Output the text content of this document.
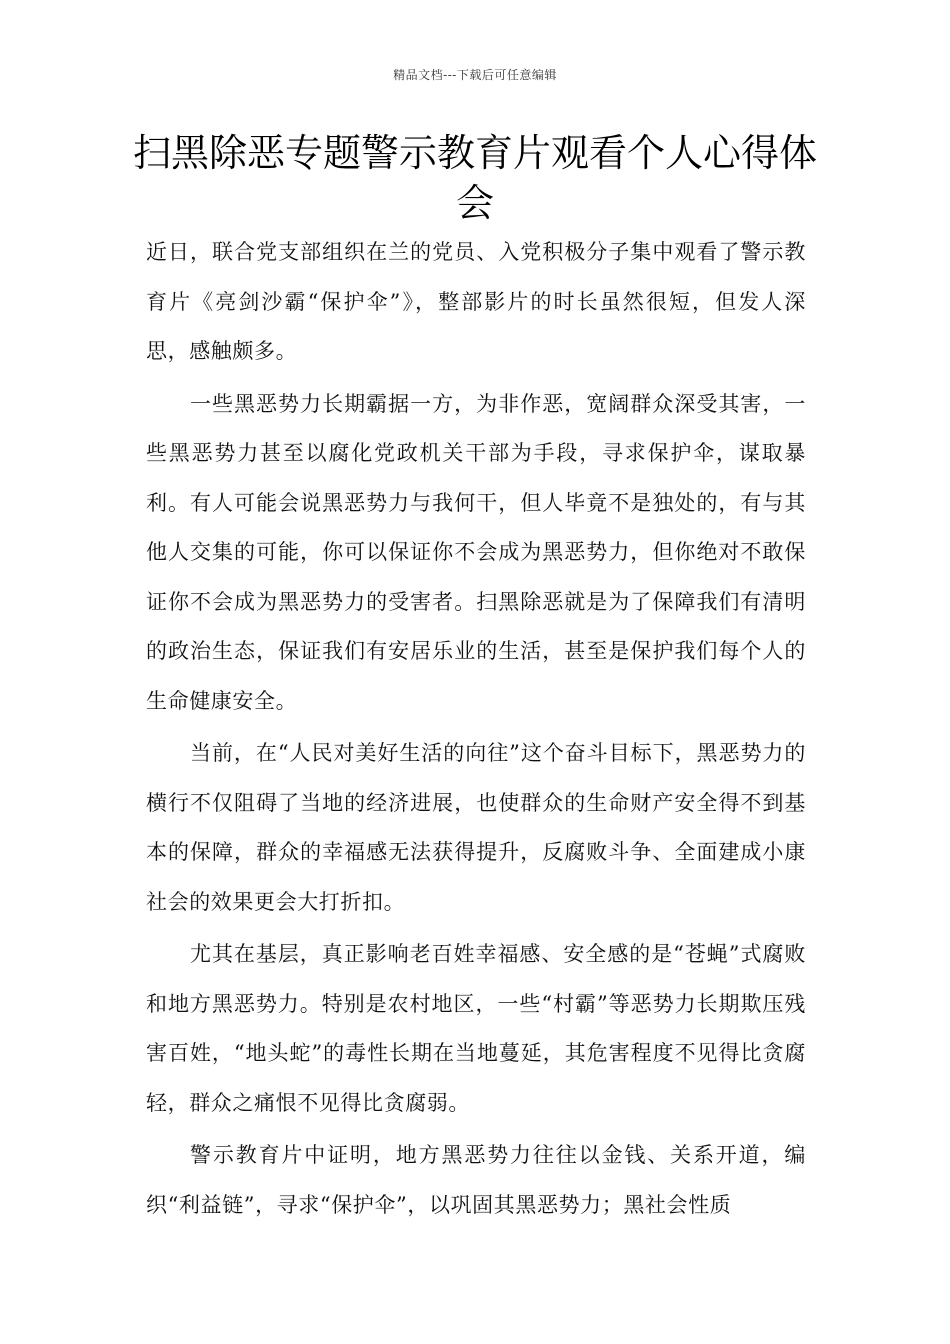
精品文档---下载后可任意编辑
扫黑除恶专题警示教育片观看个人心得体会

近日，联合党支部组织在兰的党员、入党积极分子集中观看了警示教育片《亮剑沙霸“保护伞”》，整部影片的时长虽然很短，但发人深思，感触颇多。

一些黑恶势力长期霸据一方，为非作恶，宽阔群众深受其害，一些黑恶势力甚至以腐化党政机关干部为手段，寻求保护伞，谋取暴利。有人可能会说黑恶势力与我何干，但人毕竟不是独处的，有与其他人交集的可能，你可以保证你不会成为黑恶势力，但你绝对不敢保证你不会成为黑恶势力的受害者。扫黑除恶就是为了保障我们有清明的政治生态，保证我们有安居乐业的生活，甚至是保护我们每个人的生命健康安全。

当前，在“人民对美好生活的向往”这个奋斗目标下，黑恶势力的横行不仅阻碍了当地的经济进展，也使群众的生命财产安全得不到基本的保障，群众的幸福感无法获得提升，反腐败斗争、全面建成小康社会的效果更会大打折扣。

尤其在基层，真正影响老百姓幸福感、安全感的是“苍蝇”式腐败和地方黑恶势力。特别是农村地区，一些“村霸”等恶势力长期欺压残害百姓，“地头蛇”的毒性长期在当地蔓延，其危害程度不见得比贪腐轻，群众之痛恨不见得比贪腐弱。

警示教育片中证明，地方黑恶势力往往以金钱、关系开道，编织“利益链”，寻求“保护伞”，以巩固其黑恶势力；黑社会性质
